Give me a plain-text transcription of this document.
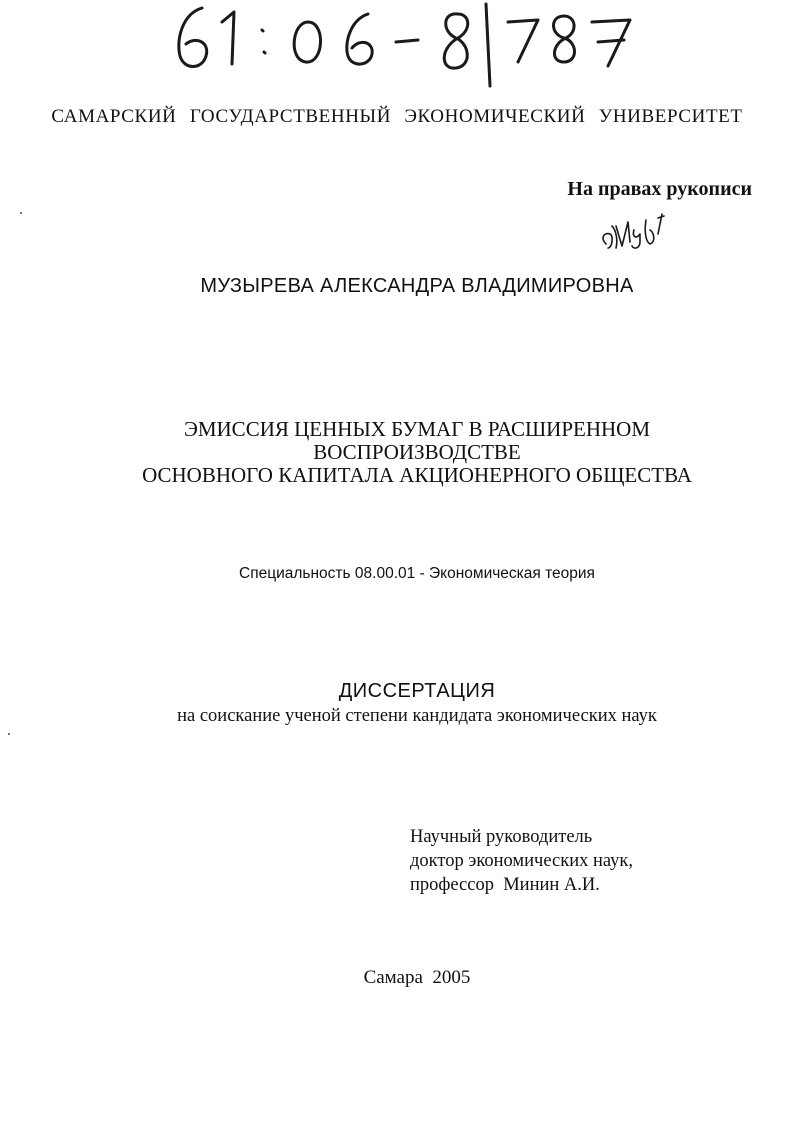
САМАРСКИЙ ГОСУДАРСТВЕННЫЙ ЭКОНОМИЧЕСКИЙ УНИВЕРСИТЕТ
На правах рукописи
МУЗЫРЕВА АЛЕКСАНДРА ВЛАДИМИРОВНА
ЭМИССИЯ ЦЕННЫХ БУМАГ В РАСШИРЕННОМ
ВОСПРОИЗВОДСТВЕ
ОСНОВНОГО КАПИТАЛА АКЦИОНЕРНОГО ОБЩЕСТВА
Специальность 08.00.01 - Экономическая теория
ДИССЕРТАЦИЯ
на соискание ученой степени кандидата экономических наук
Научный руководитель
доктор экономических наук,
профессор  Минин А.И.
Самара  2005
